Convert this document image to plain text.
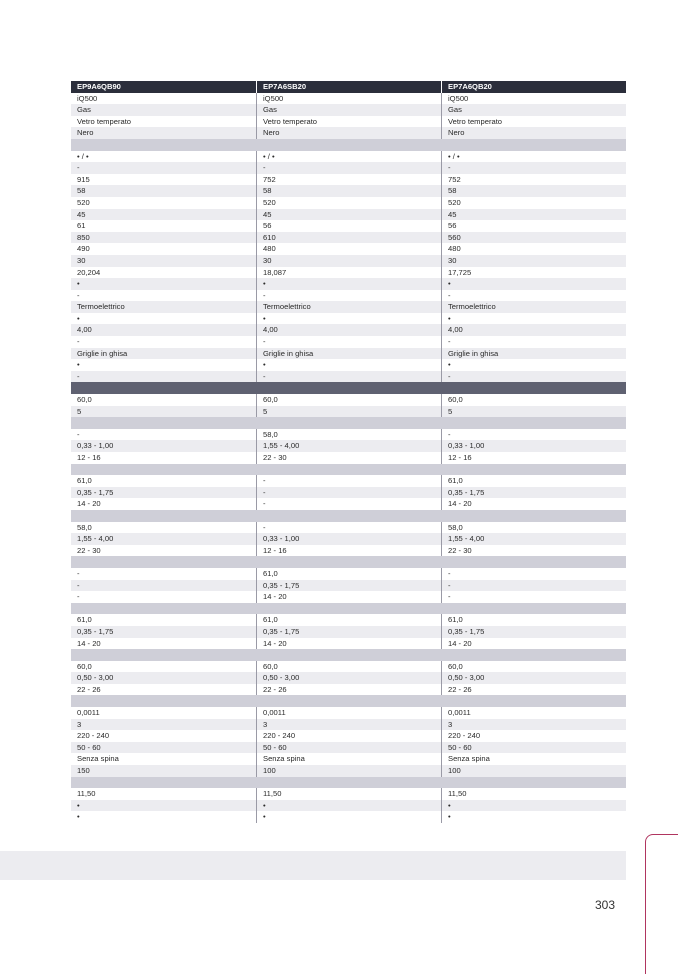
EP9A6QB90	EP7A6SB20	EP7A6QB20
iQ500	iQ500	iQ500
Gas	Gas	Gas
Vetro temperato	Vetro temperato	Vetro temperato
Nero	Nero	Nero
• / •	• / •	• / •
-	-	-
915	752	752
58	58	58
520	520	520
45	45	45
61	56	56
850	610	560
490	480	480
30	30	30
20,204	18,087	17,725
•	•	•
-	-	-
Termoelettrico	Termoelettrico	Termoelettrico
•	•	•
4,00	4,00	4,00
-	-	-
Griglie in ghisa	Griglie in ghisa	Griglie in ghisa
•	•	•
-	-	-
60,0	60,0	60,0
5	5	5
-	58,0	-
0,33 - 1,00	1,55 - 4,00	0,33 - 1,00
12 - 16	22 - 30	12 - 16
61,0	-	61,0
0,35 - 1,75	-	0,35 - 1,75
14 - 20	-	14 - 20
58,0	-	58,0
1,55 - 4,00	0,33 - 1,00	1,55 - 4,00
22 - 30	12 - 16	22 - 30
-	61,0	-
-	0,35 - 1,75	-
-	14 - 20	-
61,0	61,0	61,0
0,35 - 1,75	0,35 - 1,75	0,35 - 1,75
14 - 20	14 - 20	14 - 20
60,0	60,0	60,0
0,50 - 3,00	0,50 - 3,00	0,50 - 3,00
22 - 26	22 - 26	22 - 26
0,0011	0,0011	0,0011
3	3	3
220 - 240	220 - 240	220 - 240
50 - 60	50 - 60	50 - 60
Senza spina	Senza spina	Senza spina
150	100	100
11,50	11,50	11,50
•	•	•
•	•	•
303
